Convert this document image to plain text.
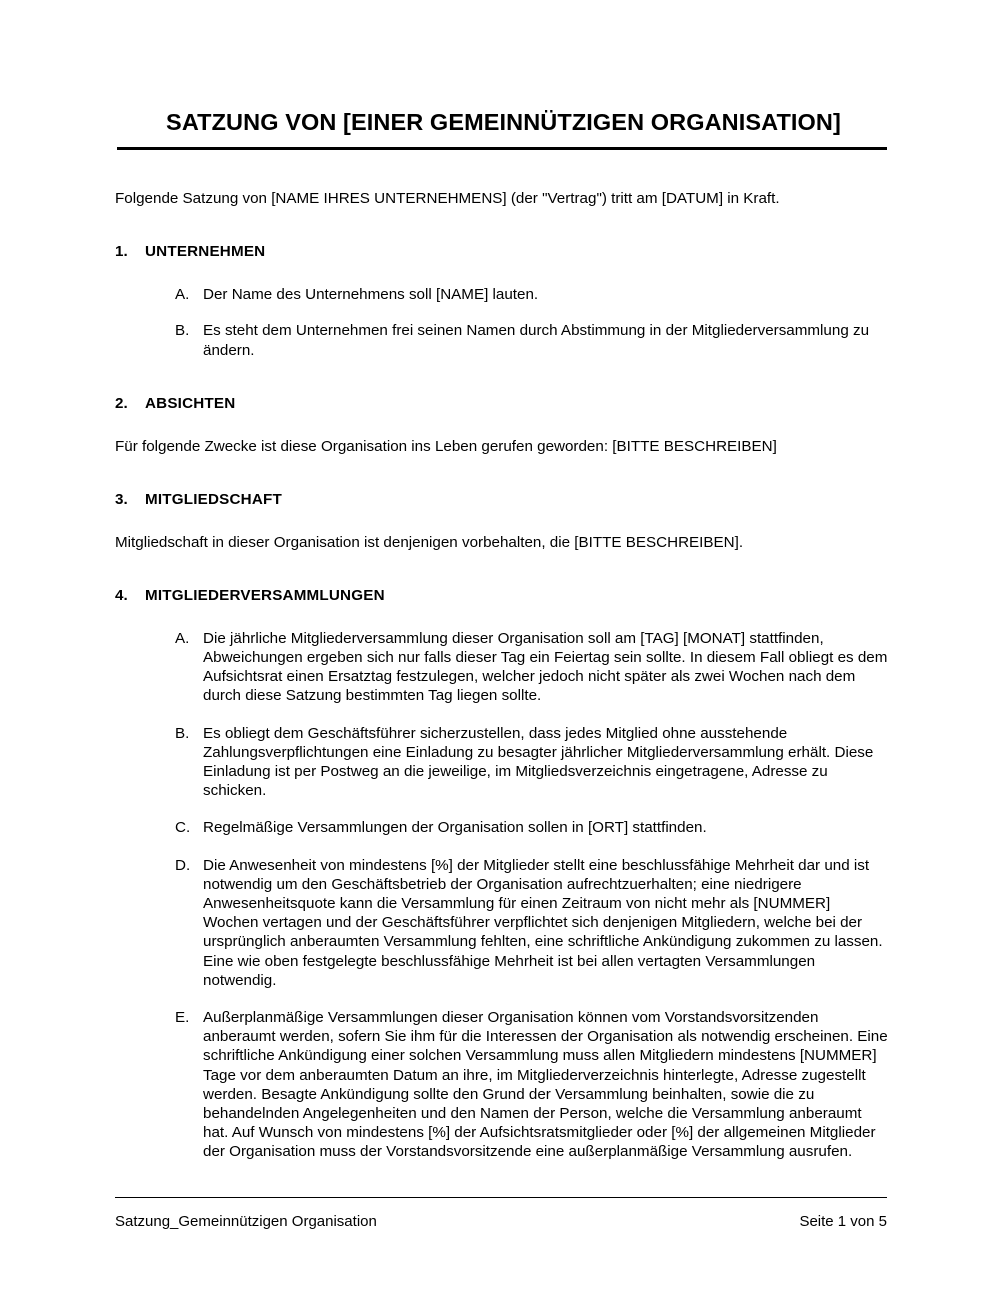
SATZUNG VON [EINER GEMEINNÜTZIGEN ORGANISATION]

Folgende Satzung von [NAME IHRES UNTERNEHMENS] (der "Vertrag") tritt am [DATUM] in Kraft.

1.	UNTERNEHMEN
A. Der Name des Unternehmens soll [NAME] lauten.
B. Es steht dem Unternehmen frei seinen Namen durch Abstimmung in der Mitgliederversammlung zu ändern.
2.	ABSICHTEN

Für folgende Zwecke ist diese Organisation ins Leben gerufen geworden: [BITTE BESCHREIBEN]

3.	MITGLIEDSCHAFT

Mitgliedschaft in dieser Organisation ist denjenigen vorbehalten, die [BITTE BESCHREIBEN].

4.	MITGLIEDERVERSAMMLUNGEN
A. Die jährliche Mitgliederversammlung dieser Organisation soll am [TAG] [MONAT] stattfinden, Abweichungen ergeben sich nur falls dieser Tag ein Feiertag sein sollte. In diesem Fall obliegt es dem Aufsichtsrat einen Ersatztag festzulegen, welcher jedoch nicht später als zwei Wochen nach dem durch diese Satzung bestimmten Tag liegen sollte.
B. Es obliegt dem Geschäftsführer sicherzustellen, dass jedes Mitglied ohne ausstehende Zahlungsverpflichtungen eine Einladung zu besagter jährlicher Mitgliederversammlung erhält. Diese Einladung ist per Postweg an die jeweilige, im Mitgliedsverzeichnis eingetragene, Adresse zu schicken.
C. Regelmäßige Versammlungen der Organisation sollen in [ORT] stattfinden.
D. Die Anwesenheit von mindestens [%] der Mitglieder stellt eine beschlussfähige Mehrheit dar und ist notwendig um den Geschäftsbetrieb der Organisation aufrechtzuerhalten; eine niedrigere Anwesenheitsquote kann die Versammlung für einen Zeitraum von nicht mehr als [NUMMER] Wochen vertagen und der Geschäftsführer verpflichtet sich denjenigen Mitgliedern, welche bei der ursprünglich anberaumten Versammlung fehlten, eine schriftliche Ankündigung zukommen zu lassen. Eine wie oben festgelegte beschlussfähige Mehrheit ist bei allen vertagten Versammlungen notwendig.
E. Außerplanmäßige Versammlungen dieser Organisation können vom Vorstandsvorsitzenden anberaumt werden, sofern Sie ihm für die Interessen der Organisation als notwendig erscheinen. Eine schriftliche Ankündigung einer solchen Versammlung muss allen Mitgliedern mindestens [NUMMER] Tage vor dem anberaumten Datum an ihre, im Mitgliederverzeichnis hinterlegte, Adresse zugestellt werden. Besagte Ankündigung sollte den Grund der Versammlung beinhalten, sowie die zu behandelnden Angelegenheiten und den Namen der Person, welche die Versammlung anberaumt hat. Auf Wunsch von mindestens [%] der Aufsichtsratsmitglieder oder [%] der allgemeinen Mitglieder der Organisation muss der Vorstandsvorsitzende eine außerplanmäßige Versammlung ausrufen.
Satzung_Gemeinnützigen Organisation	Seite 1 von 5
